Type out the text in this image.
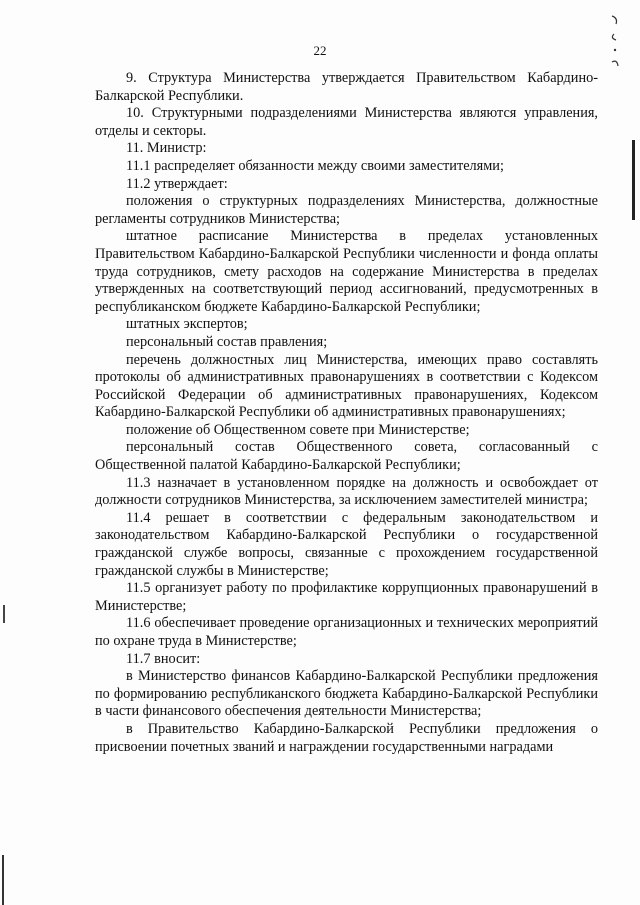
22

9. Структура Министерства утверждается Правительством Кабардино-Балкарской Республики.

10. Структурными подразделениями Министерства являются управления, отделы и секторы.

11. Министр:

11.1 распределяет обязанности между своими заместителями;

11.2 утверждает:

положения о структурных подразделениях Министерства, должностные регламенты сотрудников Министерства;

штатное расписание Министерства в пределах установленных Правительством Кабардино-Балкарской Республики численности и фонда оплаты труда сотрудников, смету расходов на содержание Министерства в пределах утвержденных на соответствующий период ассигнований, предусмотренных в республиканском бюджете Кабардино-Балкарской Республики;

штатных экспертов;

персональный состав правления;

перечень должностных лиц Министерства, имеющих право составлять протоколы об административных правонарушениях в соответствии с Кодексом Российской Федерации об административных правонарушениях, Кодексом Кабардино-Балкарской Республики об административных правонарушениях;

положение об Общественном совете при Министерстве;

персональный состав Общественного совета, согласованный с Общественной палатой Кабардино-Балкарской Республики;

11.3 назначает в установленном порядке на должность и освобождает от должности сотрудников Министерства, за исключением заместителей министра;

11.4 решает в соответствии с федеральным законодательством и законодательством Кабардино-Балкарской Республики о государственной гражданской службе вопросы, связанные с прохождением государственной гражданской службы в Министерстве;

11.5 организует работу по профилактике коррупционных правонарушений в Министерстве;

11.6 обеспечивает проведение организационных и технических мероприятий по охране труда в Министерстве;

11.7 вносит:

в Министерство финансов Кабардино-Балкарской Республики предложения по формированию республиканского бюджета Кабардино-Балкарской Республики в части финансового обеспечения деятельности Министерства;

в Правительство Кабардино-Балкарской Республики предложения о присвоении почетных званий и награждении государственными наградами
